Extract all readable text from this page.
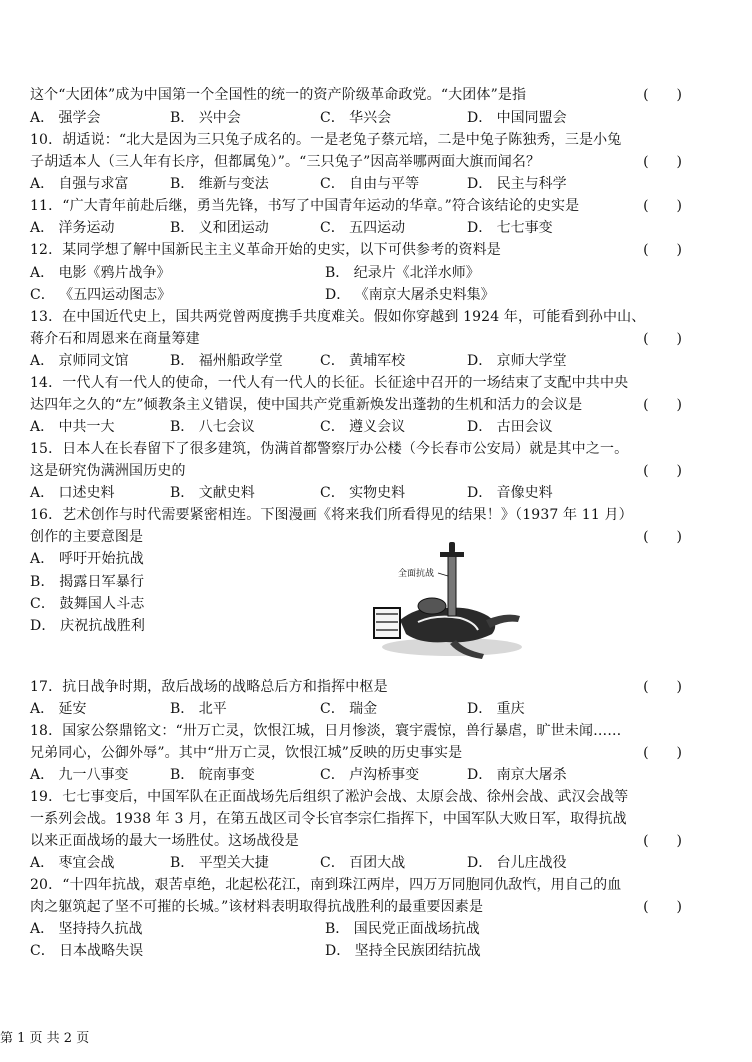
这个“大团体”成为中国第一个全国性的统一的资产阶级革命政党。“大团体”是指	(　　)
A． 强学会	B． 兴中会	C． 华兴会	D． 中国同盟会
10．胡适说：“北大是因为三只兔子成名的。一是老兔子蔡元培，二是中兔子陈独秀，三是小兔
子胡适本人（三人年有长序，但都属兔）”。“三只兔子”因高举哪两面大旗而闻名？	(　　)
A． 自强与求富	B． 维新与变法	C． 自由与平等	D． 民主与科学
11．“广大青年前赴后继，勇当先锋，书写了中国青年运动的华章。”符合该结论的史实是	(　　)
A． 洋务运动	B． 义和团运动	C． 五四运动	D． 七七事变
12．某同学想了解中国新民主主义革命开始的史实，以下可供参考的资料是	(　　)
A． 电影《鸦片战争》	B． 纪录片《北洋水师》
C． 《五四运动图志》	D． 《南京大屠杀史料集》
13．在中国近代史上，国共两党曾两度携手共度难关。假如你穿越到 1924 年，可能看到孙中山、
蒋介石和周恩来在商量筹建	(　　)
A． 京师同文馆	B． 福州船政学堂	C． 黄埔军校	D． 京师大学堂
14．一代人有一代人的使命，一代人有一代人的长征。长征途中召开的一场结束了支配中共中央
达四年之久的“左”倾教条主义错误，使中国共产党重新焕发出蓬勃的生机和活力的会议是	(　　)
A． 中共一大	B． 八七会议	C． 遵义会议	D． 古田会议
15．日本人在长春留下了很多建筑，伪满首都警察厅办公楼（今长春市公安局）就是其中之一。
这是研究伪满洲国历史的	(　　)
A． 口述史料	B． 文献史料	C． 实物史料	D． 音像史料
16．艺术创作与时代需要紧密相连。下图漫画《将来我们所看得见的结果！》（1937 年 11 月）
创作的主要意图是	(　　)
A． 呼吁开始抗战
B． 揭露日军暴行
C． 鼓舞国人斗志
D． 庆祝抗战胜利
全面抗战
17．抗日战争时期，敌后战场的战略总后方和指挥中枢是	(　　)
A． 延安	B． 北平	C． 瑞金	D． 重庆
18．国家公祭鼎铭文：“卅万亡灵，饮恨江城，日月惨淡，寰宇震惊，兽行暴虐，旷世未闻……
兄弟同心，公御外辱”。其中“卅万亡灵，饮恨江城”反映的历史事实是	(　　)
A． 九一八事变	B． 皖南事变	C． 卢沟桥事变	D． 南京大屠杀
19．七七事变后，中国军队在正面战场先后组织了淞沪会战、太原会战、徐州会战、武汉会战等
一系列会战。1938 年 3 月，在第五战区司令长官李宗仁指挥下，中国军队大败日军，取得抗战
以来正面战场的最大一场胜仗。这场战役是	(　　)
A． 枣宜会战	B． 平型关大捷	C． 百团大战	D． 台儿庄战役
20．“十四年抗战，艰苦卓绝，北起松花江，南到珠江两岸，四万万同胞同仇敌忾，用自己的血
肉之躯筑起了坚不可摧的长城。”该材料表明取得抗战胜利的最重要因素是	(　　)
A． 坚持持久抗战	B． 国民党正面战场抗战
C． 日本战略失误	D． 坚持全民族团结抗战
第 1 页 共 2 页
